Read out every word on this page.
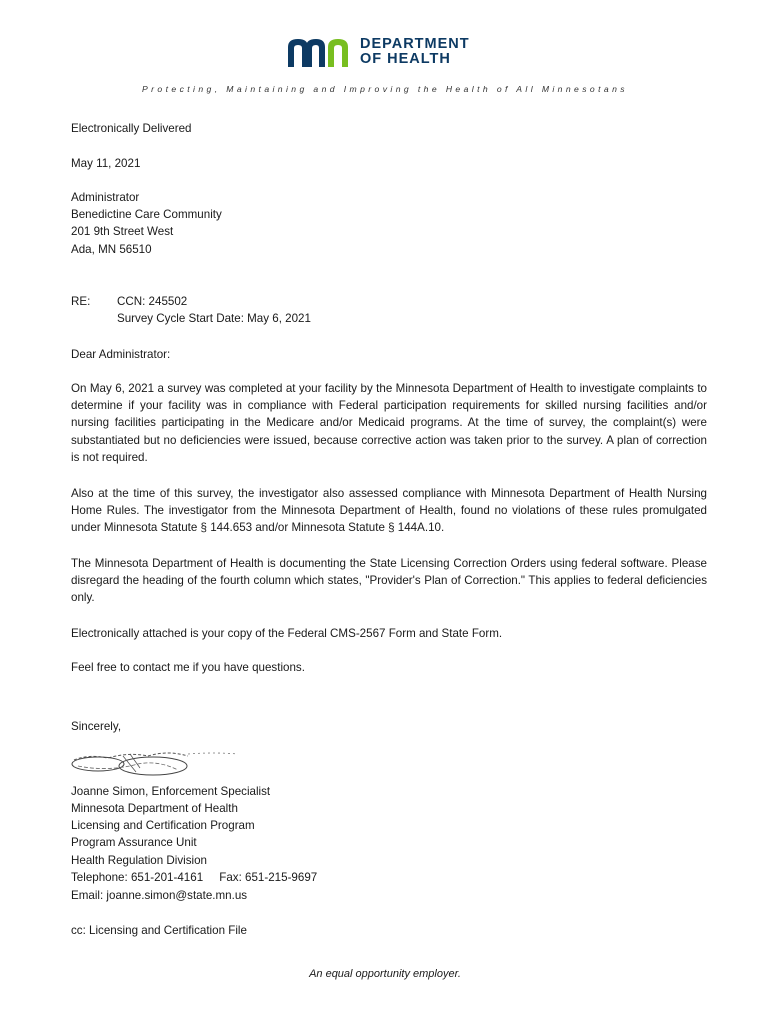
DEPARTMENT
OF HEALTH
Protecting, Maintaining and Improving the Health of All Minnesotans
Electronically Delivered
May 11, 2021
Administrator
Benedictine Care Community
201 9th Street West
Ada, MN 56510
RE: CCN: 245502
Survey Cycle Start Date: May 6, 2021
Dear Administrator:
On May 6, 2021 a survey was completed at your facility by the Minnesota Department of Health to investigate complaints to determine if your facility was in compliance with Federal participation requirements for skilled nursing facilities and/or nursing facilities participating in the Medicare and/or Medicaid programs. At the time of survey, the complaint(s) were substantiated but no deficiencies were issued, because corrective action was taken prior to the survey. A plan of correction is not required.
Also at the time of this survey, the investigator also assessed compliance with Minnesota Department of Health Nursing Home Rules. The investigator from the Minnesota Department of Health, found no violations of these rules promulgated under Minnesota Statute § 144.653 and/or Minnesota Statute § 144A.10.
The Minnesota Department of Health is documenting the State Licensing Correction Orders using federal software. Please disregard the heading of the fourth column which states, "Provider's Plan of Correction." This applies to federal deficiencies only.
Electronically attached is your copy of the Federal CMS-2567 Form and State Form.
Feel free to contact me if you have questions.
Sincerely,
Joanne Simon, Enforcement Specialist
Minnesota Department of Health
Licensing and Certification Program
Program Assurance Unit
Health Regulation Division
Telephone: 651-201-4161     Fax: 651-215-9697
Email: joanne.simon@state.mn.us
cc: Licensing and Certification File
An equal opportunity employer.
